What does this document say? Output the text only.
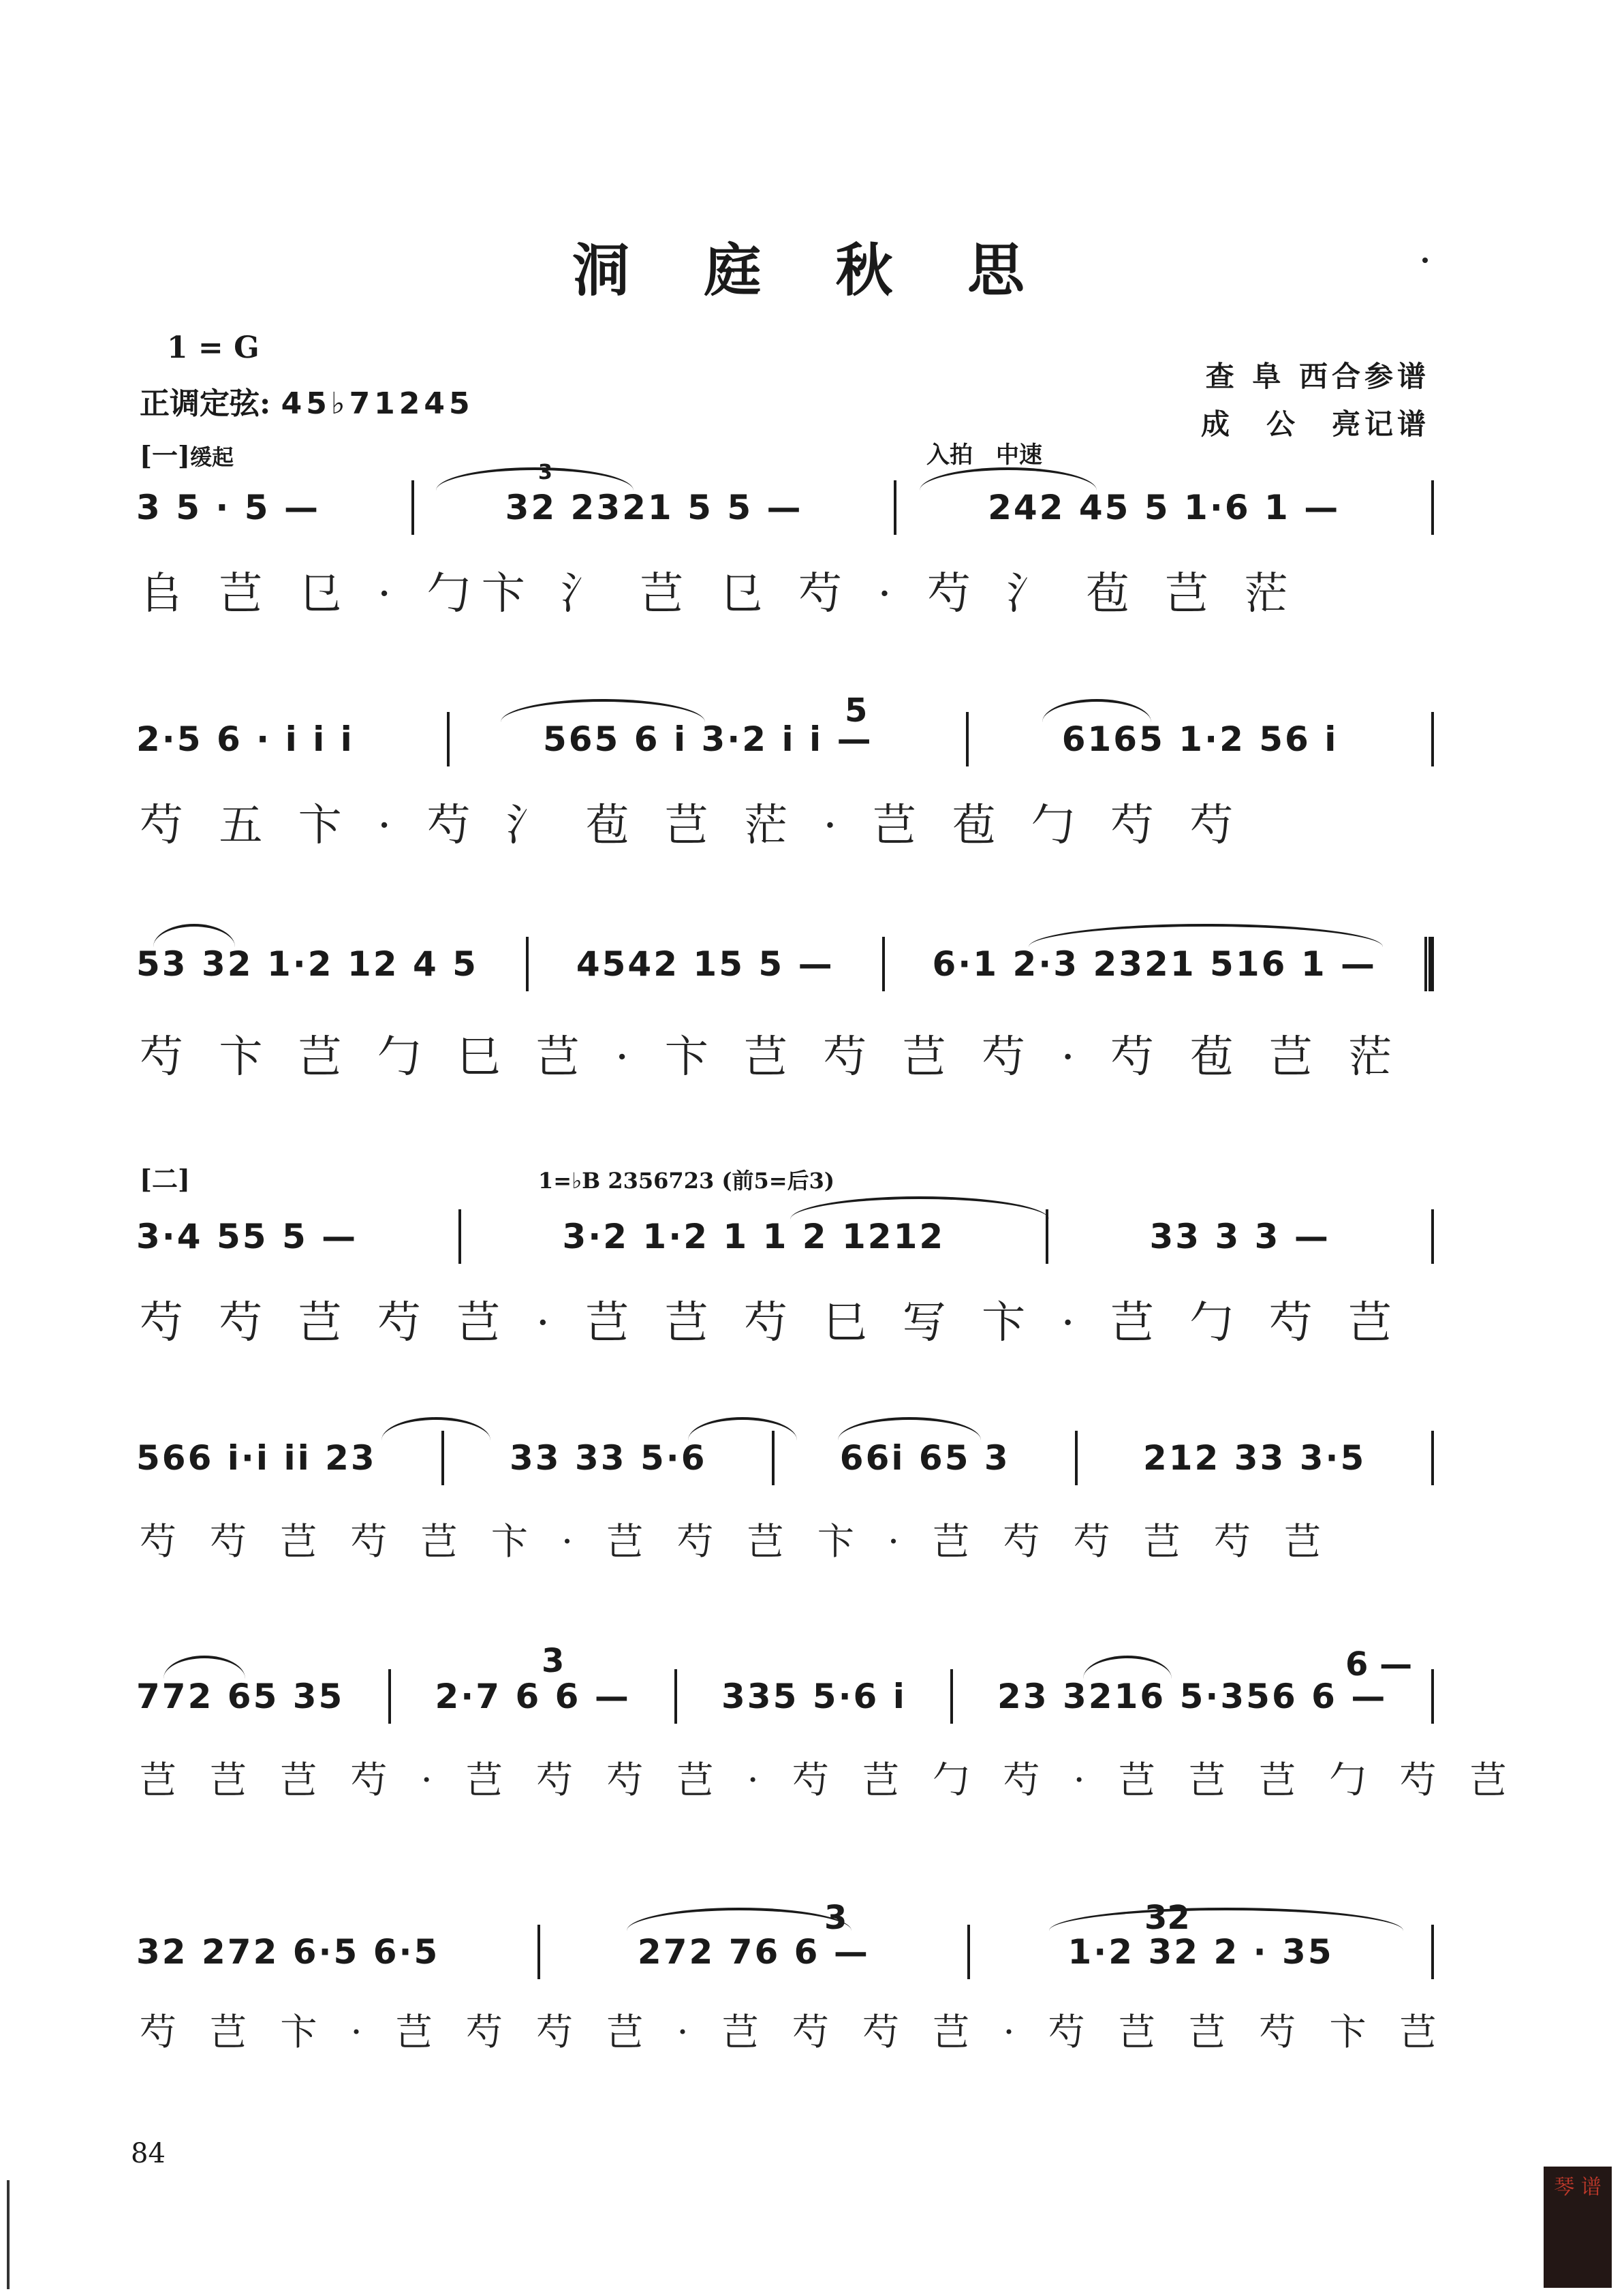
洞 庭 秋 思
1 = G
正调定弦: 45♭71245
查 阜 西合参谱
成　公　亮记谱
[一]缓起	入拍　中速
3 5 · 5 —	32 2321 5 5 —	242 45 5 1·6 1 —
3
𠂤 芑 㔾 · 勹卞 ⺡ 芑 㔾 芍 · 芍 ⺡ 苞 芑 茫
2·5 6 · i i i	565 6 i 3·2 i i —	6165 1·2 56 i
5
芍 五 卞 · 芍 ⺡ 苞 芑 茫 · 芑 苞 勹 芍 芍
53 32 1·2 12 4 5	4542 15 5 —	6·1 2·3 2321 516 1 —
芍 卞 芑 勹 巳 芑 · 卞 芑 芍 芑 芍 · 芍 苞 芑 茫
[二]	1=♭B 2356723 (前5=后3)
3·4 55 5 —	3·2 1·2 1 1 2 1212	33 3 3 —
芍 芍 芑 芍 芑 · 芑 芑 芍 巳 写 卞 · 芑 勹 芍 芑
566 i·i ii 23	33 33 5·6	66i 65 3	212 33 3·5
芍 芍 芑 芍 芑 卞 · 芑 芍 芑 卞 · 芑 芍 芍 芑 芍 芑
772 65 35	2·7 6 6 —	335 5·6 i	23 3216 5·356 6 —
3	6 —
芑 芑 芑 芍 · 芑 芍 芍 芑 · 芍 芑 勹 芍 · 芑 芑 芑 勹 芍 芑
32 272 6·5 6·5	272 76 6 —	1·2 32 2 · 35
3	32
芍 芑 卞 · 芑 芍 芍 芑 · 芑 芍 芍 芑 · 芍 芑 芑 芍 卞 芑
84
琴 谱
